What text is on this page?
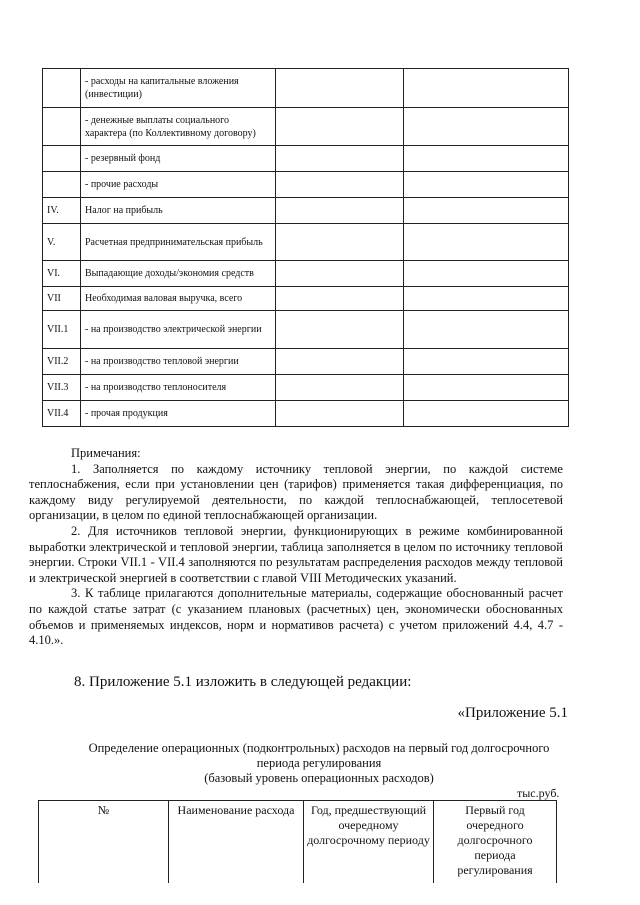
	- расходы на капитальные вложения (инвестиции)		
	- денежные выплаты социального характера (по Коллективному договору)		
	- резервный фонд		
	- прочие расходы		
IV.	Налог на прибыль		
V.	Расчетная предпринимательская прибыль		
VI.	Выпадающие доходы/экономия средств		
VII	Необходимая валовая выручка, всего		
VII.1	- на производство электрической энергии		
VII.2	- на производство тепловой энергии		
VII.3	- на производство теплоносителя		
VII.4	- прочая продукция		

Примечания:

1. Заполняется по каждому источнику тепловой энергии, по каждой системе теплоснабжения, если при установлении цен (тарифов) применяется такая дифференциация, по каждому виду регулируемой деятельности, по каждой теплоснабжающей, теплосетевой организации, в целом по единой теплоснабжающей организации.

2. Для источников тепловой энергии, функционирующих в режиме комбинированной выработки электрической и тепловой энергии, таблица заполняется в целом по источнику тепловой энергии. Строки VII.1 - VII.4 заполняются по результатам распределения расходов между тепловой и электрической энергией в соответствии с главой VIII Методических указаний.

3. К таблице прилагаются дополнительные материалы, содержащие обоснованный расчет по каждой статье затрат (с указанием плановых (расчетных) цен, экономически обоснованных объемов и применяемых индексов, норм и нормативов расчета) с учетом приложений 4.4, 4.7 - 4.10.».

8. Приложение 5.1 изложить в следующей редакции:
«Приложение 5.1
Определение операционных (подконтрольных) расходов на первый год долгосрочного
периода регулирования
(базовый уровень операционных расходов)
тыс.руб.
№	Наименование расхода	Год, предшествующий очередному долгосрочному периоду	Первый год очередного долгосрочного периода регулирования
